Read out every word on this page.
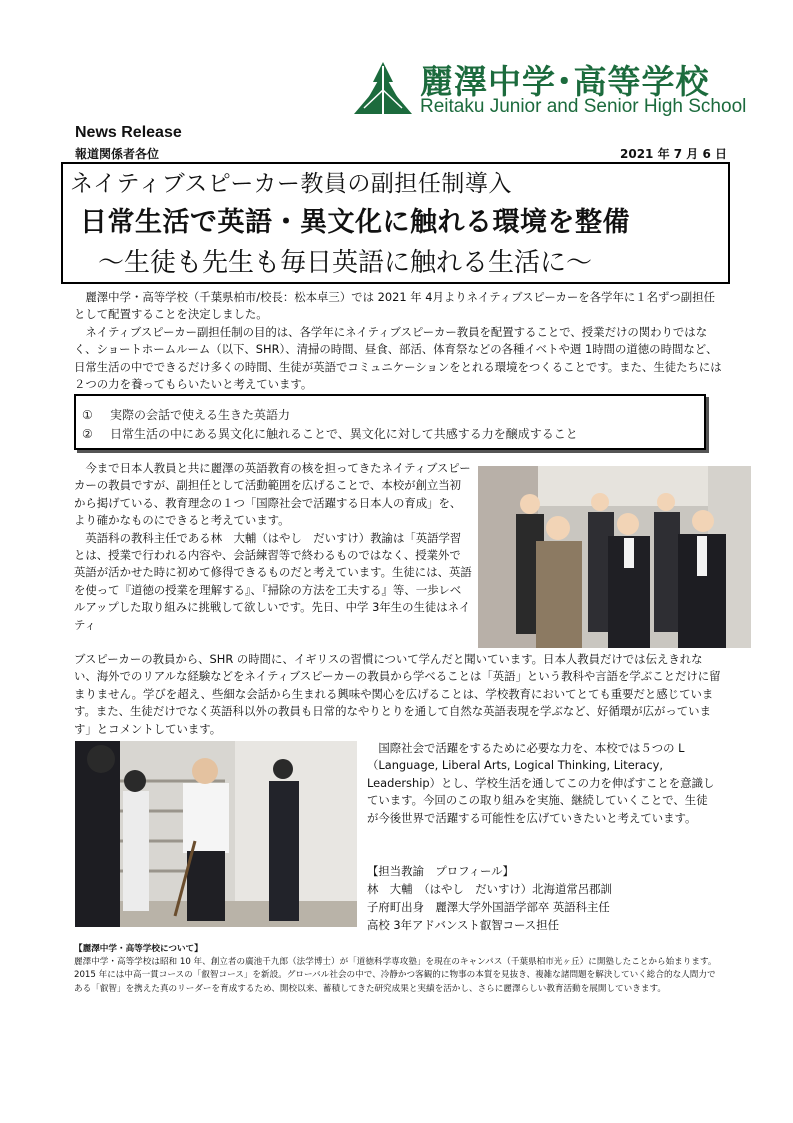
麗澤中学･高等学校
Reitaku Junior and Senior High School
News Release
報道関係者各位	2021 年 7 月 6 日
ネイティブスピーカー教員の副担任制導入
日常生活で英語・異文化に触れる環境を整備
～生徒も先生も毎日英語に触れる生活に～

麗澤中学・高等学校（千葉県柏市/校長：松本卓三）では 2021 年 4月よりネイティブスピーカーを各学年に１名ずつ副担任として配置することを決定しました。

ネイティブスピーカー副担任制の目的は、各学年にネイティブスピーカー教員を配置することで、授業だけの関わりではなく、ショートホームルーム（以下、SHR）、清掃の時間、昼食、部活、体育祭などの各種イベトや週 1時間の道徳の時間など、日常生活の中でできるだけ多くの時間、生徒が英語でコミュニケーションをとれる環境をつくることです。また、生徒たちには２つの力を養ってもらいたいと考えています。

① 実際の会話で使える生きた英語力
② 日常生活の中にある異文化に触れることで、異文化に対して共感する力を醸成すること

今まで日本人教員と共に麗澤の英語教育の核を担ってきたネイティブスピーカーの教員ですが、副担任として活動範囲を広げることで、本校が創立当初から掲げている、教育理念の１つ「国際社会で活躍する日本人の育成」を、より確かなものにできると考えています。

英語科の教科主任である林　大輔（はやし　だいすけ）教諭は「英語学習とは、授業で行われる内容や、会話練習等で終わるものではなく、授業外で英語が活かせた時に初めて修得できるものだと考えています。生徒には、英語を使って『道徳の授業を理解する』、『掃除の方法を工夫する』等、一歩レベルアップした取り組みに挑戦して欲しいです。先日、中学 3年生の生徒はネイティ

ブスピーカーの教員から、SHR の時間に、イギリスの習慣について学んだと聞いています。日本人教員だけでは伝えきれない、海外でのリアルな経験などをネイティブスピーカーの教員から学べることは「英語」という教科や言語を学ぶことだけに留まりません。学びを超え、些細な会話から生まれる興味や関心を広げることは、学校教育においてとても重要だと感じています。また、生徒だけでなく英語科以外の教員も日常的なやりとりを通して自然な英語表現を学ぶなど、好循環が広がっています」とコメントしています。

国際社会で活躍をするために必要な力を、本校では５つの L （Language, Liberal Arts, Logical Thinking, Literacy, Leadership）とし、学校生活を通してこの力を伸ばすことを意識しています。今回のこの取り組みを実施、継続していくことで、生徒が今後世界で活躍する可能性を広げていきたいと考えています。

【担当教諭　プロフィール】
林　大輔　（はやし　だいすけ）北海道常呂郡訓
子府町出身　麗澤大学外国語学部卒 英語科主任
高校 3年アドバンスト叡智コース担任
【麗澤中学・高等学校について】
麗澤中学・高等学校は昭和 10 年、創立者の廣池千九郎（法学博士）が「道徳科学専攻塾」を現在のキャンパス（千葉県柏市光ヶ丘）に開塾したことから始まります。2015 年には中高一貫コースの「叡智コース」を新設。グローバル社会の中で、冷静かつ客観的に物事の本質を見抜き、複雑な諸問題を解決していく総合的な人間力である「叡智」を携えた真のリーダーを育成するため、開校以来、蓄積してきた研究成果と実績を活かし、さらに麗澤らしい教育活動を展開していきます。
